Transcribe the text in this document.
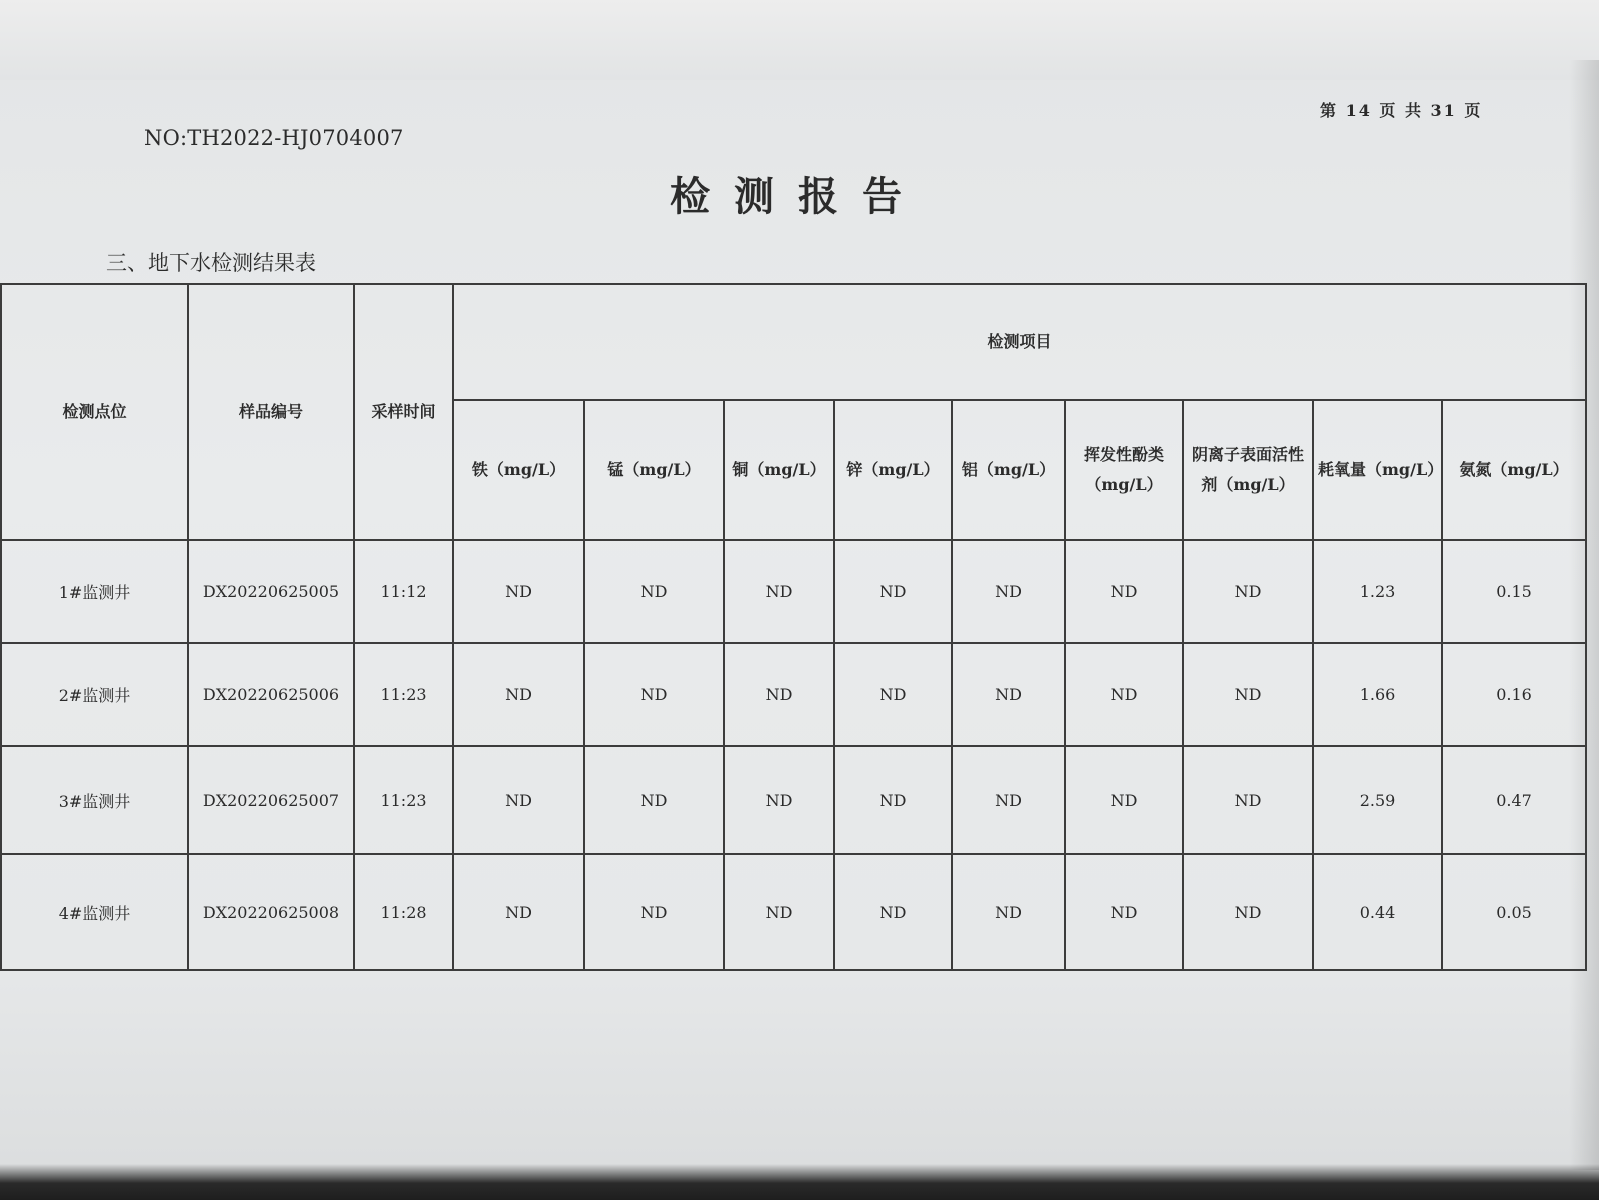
NO:TH2022-HJ0704007
第 14 页 共 31 页
检测报告
三、地下水检测结果表
检测点位	样品编号	采样时间	检测项目								
			铁（mg/L）	锰（mg/L）	铜（mg/L）	锌（mg/L）	铝（mg/L）	挥发性酚类（mg/L）	阴离子表面活性剂（mg/L）	耗氧量（mg/L）	氨氮（mg/L）
1#监测井	DX20220625005	11:12	ND	ND	ND	ND	ND	ND	ND	1.23	0.15
2#监测井	DX20220625006	11:23	ND	ND	ND	ND	ND	ND	ND	1.66	0.16
3#监测井	DX20220625007	11:23	ND	ND	ND	ND	ND	ND	ND	2.59	0.47
4#监测井	DX20220625008	11:28	ND	ND	ND	ND	ND	ND	ND	0.44	0.05
